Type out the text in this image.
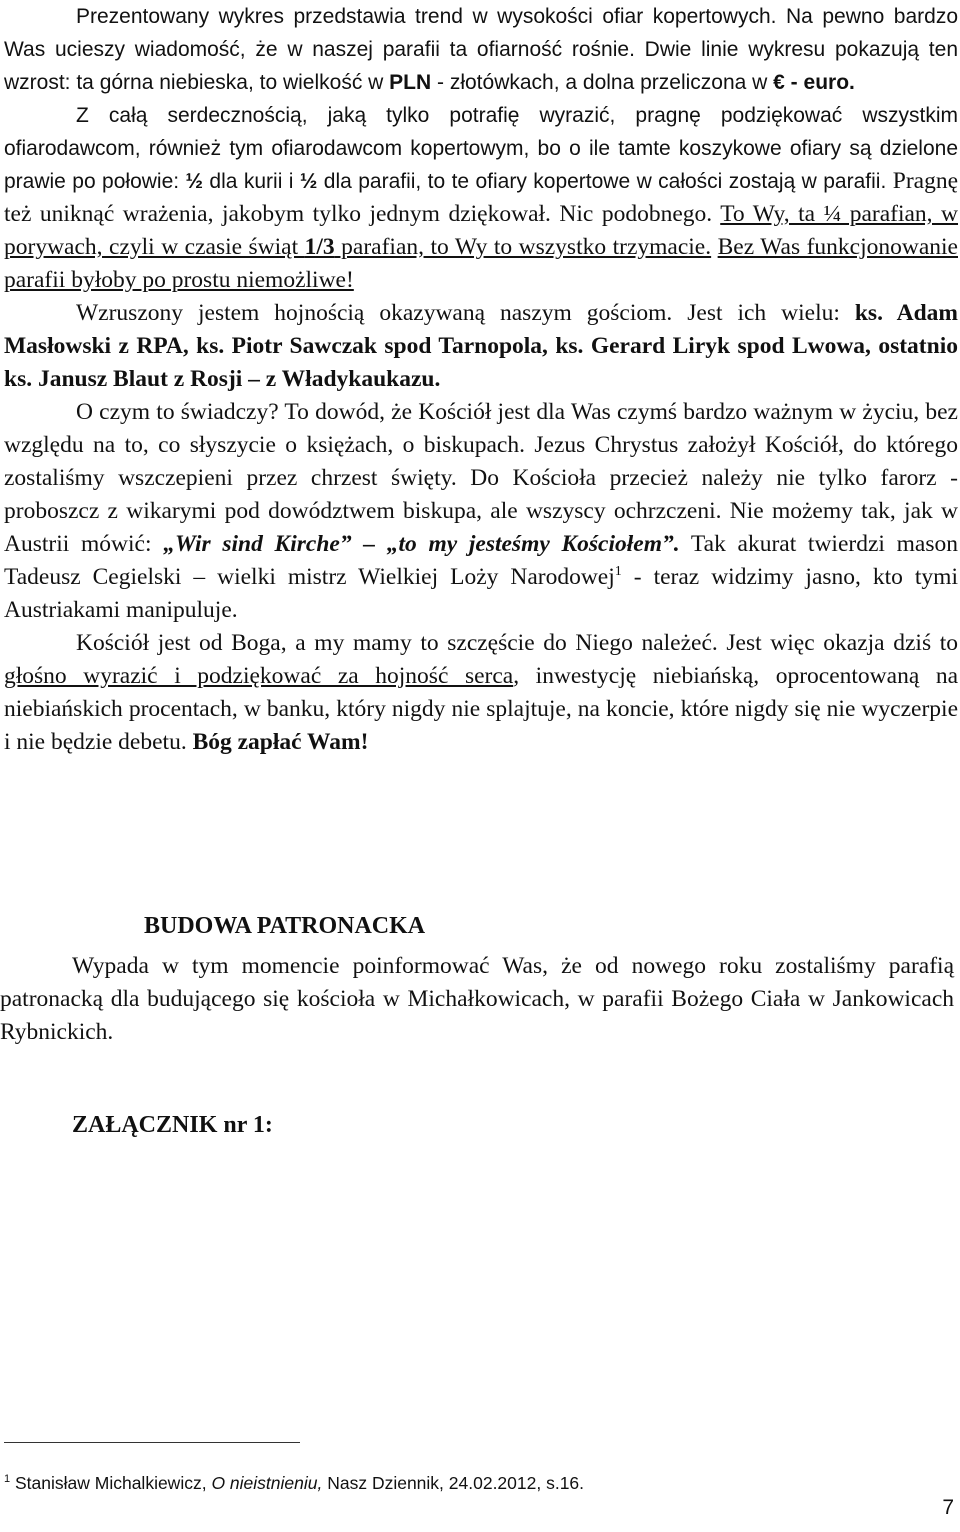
Prezentowany wykres przedstawia trend w wysokości ofiar kopertowych. Na pewno bardzo Was ucieszy wiadomość, że w naszej parafii ta ofiarność rośnie. Dwie linie wykresu pokazują ten wzrost: ta górna niebieska, to wielkość w PLN - złotówkach, a dolna przeliczona w € - euro.

Z całą serdecznością, jaką tylko potrafię wyrazić, pragnę podziękować wszystkim ofiarodawcom, również tym ofiarodawcom kopertowym, bo o ile tamte koszykowe ofiary są dzielone prawie po połowie: ½ dla kurii i ½ dla parafii, to te ofiary kopertowe w całości zostają w parafii. Pragnę też uniknąć wrażenia, jakobym tylko jednym dziękował. Nic podobnego. To Wy, ta ¼ parafian, w porywach, czyli w czasie świąt 1/3 parafian, to Wy to wszystko trzymacie. Bez Was funkcjonowanie parafii byłoby po prostu niemożliwe!

Wzruszony jestem hojnością okazywaną naszym gościom. Jest ich wielu: ks. Adam Masłowski z RPA, ks. Piotr Sawczak spod Tarnopola, ks. Gerard Liryk spod Lwowa, ostatnio ks. Janusz Blaut z Rosji – z Władykaukazu.

O czym to świadczy? To dowód, że Kościół jest dla Was czymś bardzo ważnym w życiu, bez względu na to, co słyszycie o księżach, o biskupach. Jezus Chrystus założył Kościół, do którego zostaliśmy wszczepieni przez chrzest święty. Do Kościoła przecież należy nie tylko farorz - proboszcz z wikarymi pod dowództwem biskupa, ale wszyscy ochrzczeni. Nie możemy tak, jak w Austrii mówić: „Wir sind Kirche” – „to my jesteśmy Kościołem”. Tak akurat twierdzi mason Tadeusz Cegielski – wielki mistrz Wielkiej Loży Narodowej$^1$ - teraz widzimy jasno, kto tymi Austriakami manipuluje.

Kościół jest od Boga, a my mamy to szczęście do Niego należeć. Jest więc okazja dziś to głośno wyrazić i podziękować za hojność serca, inwestycję niebiańską, oprocentowaną na niebiańskich procentach, w banku, który nigdy nie splajtuje, na koncie, które nigdy się nie wyczerpie i nie będzie debetu. Bóg zapłać Wam!

BUDOWA PATRONACKA

Wypada w tym momencie poinformować Was, że od nowego roku zostaliśmy parafią patronacką dla budującego się kościoła w Michałkowicach, w parafii Bożego Ciała w Jankowicach Rybnickich.

ZAŁĄCZNIK nr 1:
$^1$ Stanisław Michalkiewicz, O nieistnieniu, Nasz Dziennik, 24.02.2012, s.16.
7
